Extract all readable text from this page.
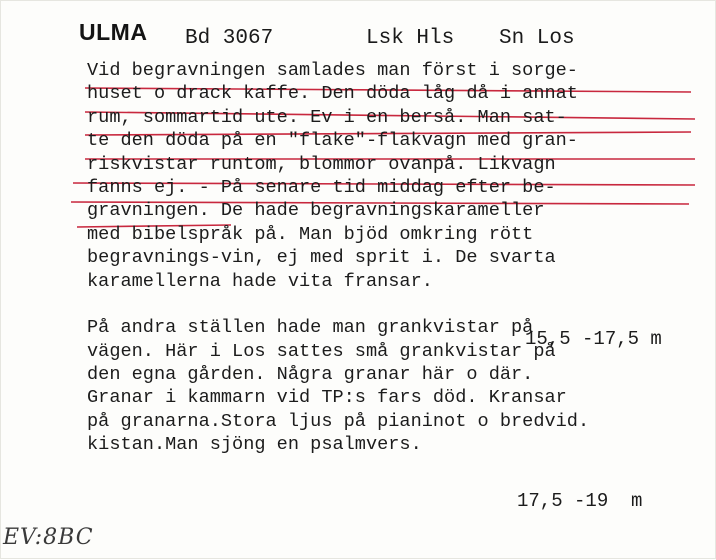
ULMA Bd 3067	Lsk Hls Sn Los
Vid begravningen samlades man först i sorge-
huset o drack kaffe. Den döda låg då i annat
rum, sommartid ute. Ev i en berså. Man sat-
te den döda på en "flake"-flakvagn med gran-
riskvistar runtom, blommor ovanpå. Likvagn
fanns ej. - På senare tid middag efter be-
gravningen. De hade begravningskarameller
med bibelspråk på. Man bjöd omkring rött
begravnings-vin, ej med sprit i. De svarta
karamellerna hade vita fransar.
På andra ställen hade man grankvistar på
vägen. Här i Los sattes små grankvistar på
den egna gården. Några granar här o där.
Granar i kammarn vid TP:s fars död. Kransar
på granarna.Stora ljus på pianinot o bredvid.
kistan.Man sjöng en psalmvers.
15,5 -17,5 m
17,5 -19  m
EV:8BC
